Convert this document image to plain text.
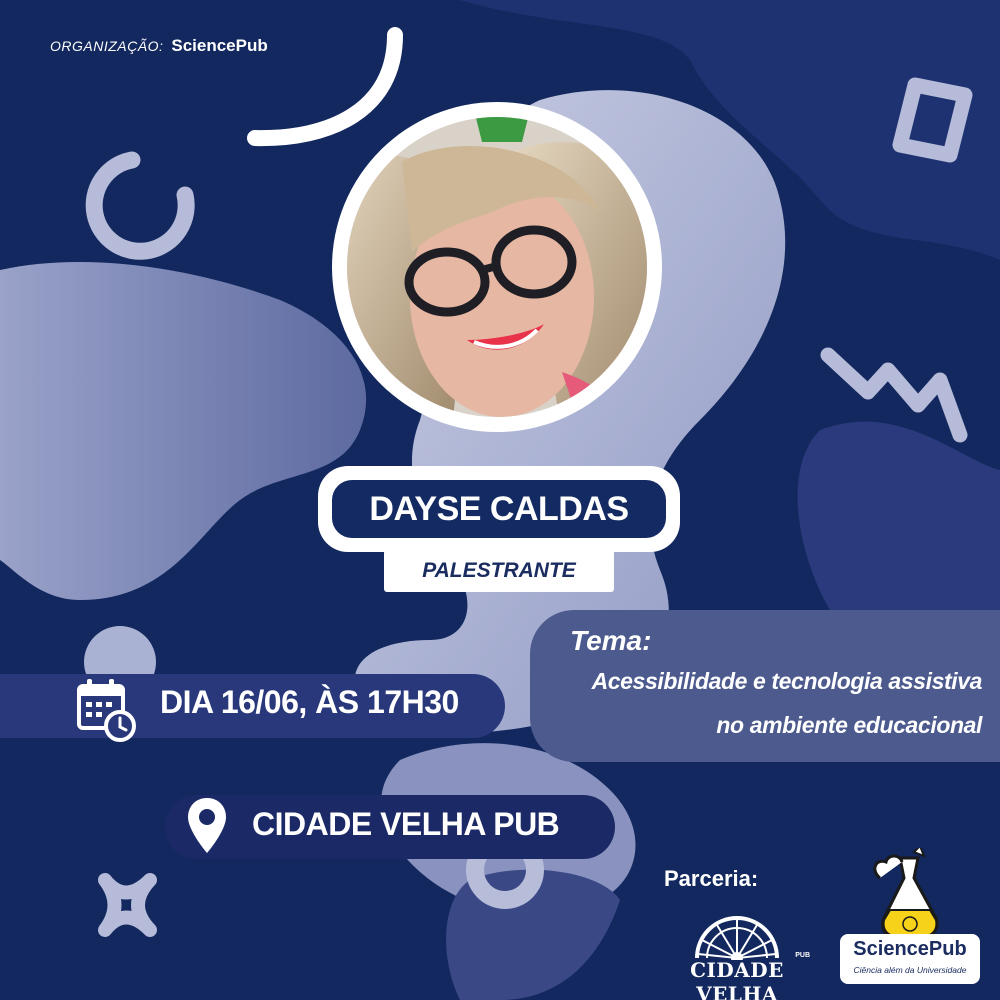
ORGANIZAÇÃO: SciencePub
DAYSE CALDAS
PALESTRANTE
Tema:
Acessibilidade e tecnologia assistiva
no ambiente educacional
DIA 16/06, ÀS 17H30
CIDADE VELHA PUB
Parceria:
CIDADE VELHA
PUB	SciencePub
Ciência além da Universidade
